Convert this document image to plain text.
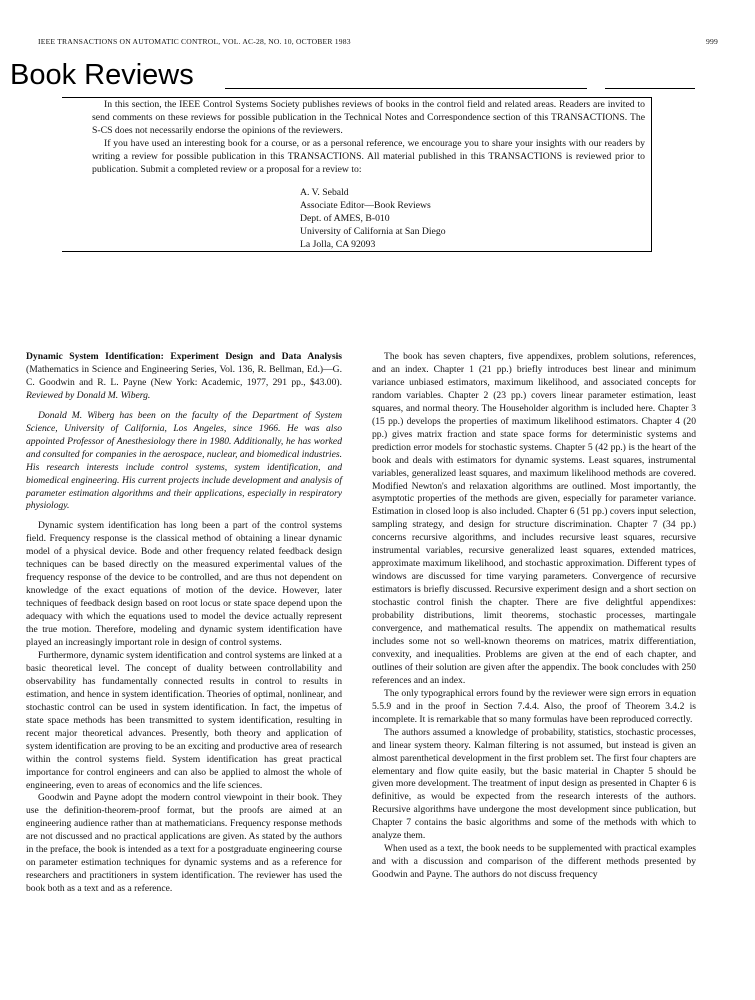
IEEE TRANSACTIONS ON AUTOMATIC CONTROL, VOL. AC-28, NO. 10, OCTOBER 1983	999
Book Reviews

In this section, the IEEE Control Systems Society publishes reviews of books in the control field and related areas. Readers are invited to send comments on these reviews for possible publication in the Technical Notes and Correspondence section of this TRANSACTIONS. The S-CS does not necessarily endorse the opinions of the reviewers.

If you have used an interesting book for a course, or as a personal reference, we encourage you to share your insights with our readers by writing a review for possible publication in this TRANSACTIONS. All material published in this TRANSACTIONS is reviewed prior to publication. Submit a completed review or a proposal for a review to:

A. V. Sebald
Associate Editor—Book Reviews
Dept. of AMES, B-010
University of California at San Diego
La Jolla, CA 92093

Dynamic System Identification: Experiment Design and Data Analysis (Mathematics in Science and Engineering Series, Vol. 136, R. Bellman, Ed.)—G. C. Goodwin and R. L. Payne (New York: Academic, 1977, 291 pp., $43.00). Reviewed by Donald M. Wiberg.

Donald M. Wiberg has been on the faculty of the Department of System Science, University of California, Los Angeles, since 1966. He was also appointed Professor of Anesthesiology there in 1980. Additionally, he has worked and consulted for companies in the aerospace, nuclear, and biomedical industries. His research interests include control systems, system identification, and biomedical engineering. His current projects include development and analysis of parameter estimation algorithms and their applications, especially in respiratory physiology.

Dynamic system identification has long been a part of the control systems field. Frequency response is the classical method of obtaining a linear dynamic model of a physical device. Bode and other frequency related feedback design techniques can be based directly on the measured experimental values of the frequency response of the device to be controlled, and are thus not dependent on knowledge of the exact equations of motion of the device. However, later techniques of feedback design based on root locus or state space depend upon the adequacy with which the equations used to model the device actually represent the true motion. Therefore, modeling and dynamic system identification have played an increasingly important role in design of control systems.

Furthermore, dynamic system identification and control systems are linked at a basic theoretical level. The concept of duality between controllability and observability has fundamentally connected results in control to results in estimation, and hence in system identification. Theories of optimal, nonlinear, and stochastic control can be used in system identification. In fact, the impetus of state space methods has been transmitted to system identification, resulting in recent major theoretical advances. Presently, both theory and application of system identification are proving to be an exciting and productive area of research within the control systems field. System identification has great practical importance for control engineers and can also be applied to almost the whole of engineering, even to areas of economics and the life sciences.

Goodwin and Payne adopt the modern control viewpoint in their book. They use the definition-theorem-proof format, but the proofs are aimed at an engineering audience rather than at mathematicians. Frequency response methods are not discussed and no practical applications are given. As stated by the authors in the preface, the book is intended as a text for a postgraduate engineering course on parameter estimation techniques for dynamic systems and as a reference for researchers and practitioners in system identification. The reviewer has used the book both as a text and as a reference.

The book has seven chapters, five appendixes, problem solutions, references, and an index. Chapter 1 (21 pp.) briefly introduces best linear and minimum variance unbiased estimators, maximum likelihood, and associated concepts for random variables. Chapter 2 (23 pp.) covers linear parameter estimation, least squares, and normal theory. The Householder algorithm is included here. Chapter 3 (15 pp.) develops the properties of maximum likelihood estimators. Chapter 4 (20 pp.) gives matrix fraction and state space forms for deterministic systems and prediction error models for stochastic systems. Chapter 5 (42 pp.) is the heart of the book and deals with estimators for dynamic systems. Least squares, instrumental variables, generalized least squares, and maximum likelihood methods are covered. Modified Newton's and relaxation algorithms are outlined. Most importantly, the asymptotic properties of the methods are given, especially for parameter variance. Estimation in closed loop is also included. Chapter 6 (51 pp.) covers input selection, sampling strategy, and design for structure discrimination. Chapter 7 (34 pp.) concerns recursive algorithms, and includes recursive least squares, recursive instrumental variables, recursive generalized least squares, extended matrices, approximate maximum likelihood, and stochastic approximation. Different types of windows are discussed for time varying parameters. Convergence of recursive estimators is briefly discussed. Recursive experiment design and a short section on stochastic control finish the chapter. There are five delightful appendixes: probability distributions, limit theorems, stochastic processes, martingale convergence, and mathematical results. The appendix on mathematical results includes some not so well-known theorems on matrices, matrix differentiation, convexity, and inequalities. Problems are given at the end of each chapter, and outlines of their solution are given after the appendix. The book concludes with 250 references and an index.

The only typographical errors found by the reviewer were sign errors in equation 5.5.9 and in the proof in Section 7.4.4. Also, the proof of Theorem 3.4.2 is incomplete. It is remarkable that so many formulas have been reproduced correctly.

The authors assumed a knowledge of probability, statistics, stochastic processes, and linear system theory. Kalman filtering is not assumed, but instead is given an almost parenthetical development in the first problem set. The first four chapters are elementary and flow quite easily, but the basic material in Chapter 5 should be given more development. The treatment of input design as presented in Chapter 6 is definitive, as would be expected from the research interests of the authors. Recursive algorithms have undergone the most development since publication, but Chapter 7 contains the basic algorithms and some of the methods with which to analyze them.

When used as a text, the book needs to be supplemented with practical examples and with a discussion and comparison of the different methods presented by Goodwin and Payne. The authors do not discuss frequency
